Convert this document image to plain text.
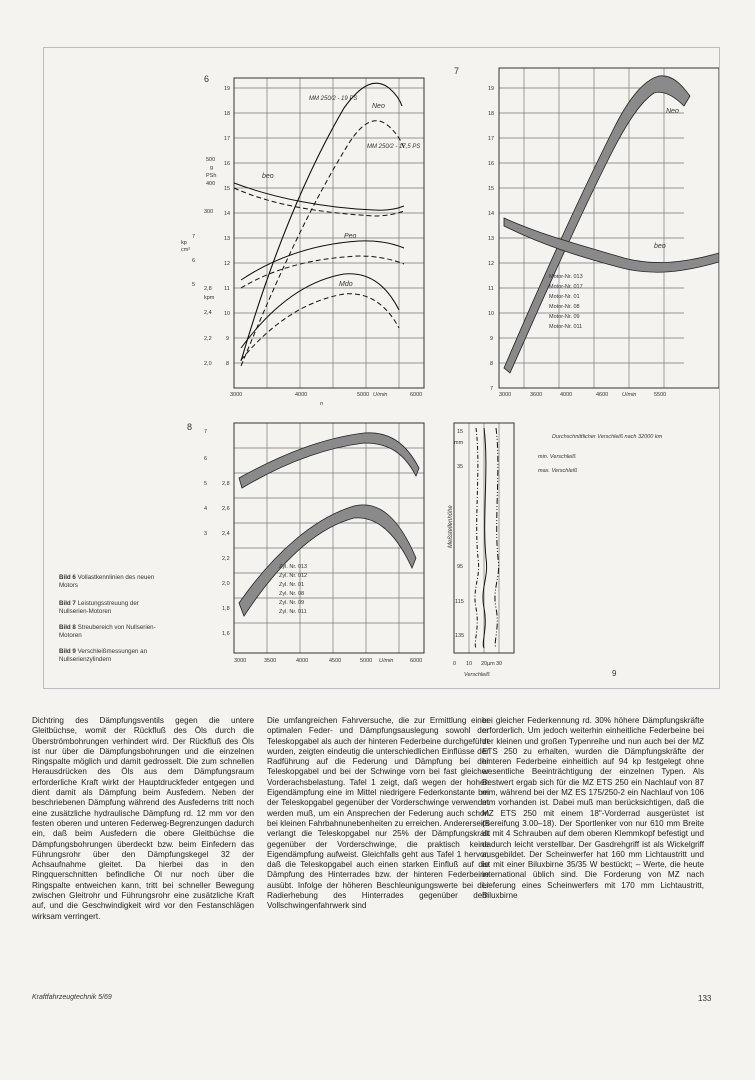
6
MM 250/2 - 19 PS
MM 250/2 - 17,5 PS
Neo
beo
Peo
Mdo
8
9
10
11
12
13
14
15
16
17
18
19
500
g
PSh
400
300
7
kp
cm²
6
5
2,8
kpm
2,4
2,2
2,0
3000	4000	5000	6000
U/min
n
7
Neo
beo
Motor-Nr. 013
Motor-Nr. 017
Motor-Nr. 01
Motor-Nr. 08
Motor-Nr. 09
Motor-Nr. 011
7
8
9
10
11
12
13
14
15
16
17
18
19
3000	3600	4000	4600	5500
U/min
8
Zyl. Nr. 013
Zyl. Nr. 012
Zyl. Nr. 01
Zyl. Nr. 08
Zyl. Nr. 09
Zyl. Nr. 011
7
6
5
4
3
2,8
2,6
2,4
2,2
2,0
1,8
1,6
3000	3500	4000	4500	5000	6000
U/min
Durchschnittlicher Verschleiß nach 32000 km
min. Verschleiß
max. Verschleiß
15
mm
35
95
115
135
Meßstellenhöhe
0 10 20 30
µm
Verschleiß	9
Bild 6 Vollastkennlinien des neuen Motors
Bild 7 Leistungsstreuung der Nullserien-Motoren
Bild 8 Streubereich von Nullserien-Motoren
Bild 9 Verschleißmessungen an Nullserienzylindern
Dichtring des Dämpfungsventils gegen die untere Gleitbüchse, womit der Rückfluß des Öls durch die Überströmbohrungen verhindert wird. Der Rückfluß des Öls ist nur über die Dämpfungsbohrungen und die einzelnen Ringspalte möglich und damit gedrosselt. Die zum schnellen Herausdrücken des Öls aus dem Dämpfungsraum erforderliche Kraft wirkt der Hauptdruckfeder entgegen und dient damit als Dämpfung beim Ausfedern. Neben der beschriebenen Dämpfung während des Ausfederns tritt noch eine zusätzliche hydraulische Dämpfung rd. 12 mm vor den festen oberen und unteren Federweg-Begrenzungen dadurch ein, daß beim Ausfedern die obere Gleitbüchse die Dämpfungsbohrungen überdeckt bzw. beim Einfedern das Führungsrohr über den Dämpfungskegel 32 der Achsaufnahme gleitet. Da hierbei das in den Ringquerschnitten befindliche Öl nur noch über die Ringspalte entweichen kann, tritt bei schneller Bewegung zwischen Gleitrohr und Führungsrohr eine zusätzliche Kraft auf, und die Geschwindigkeit wird vor den Festanschlägen wirksam verringert.
Die umfangreichen Fahrversuche, die zur Ermittlung einer optimalen Feder- und Dämpfungsauslegung sowohl der Teleskopgabel als auch der hinteren Federbeine durchgeführt wurden, zeigten eindeutig die unterschiedlichen Einflüsse der Radführung auf die Federung und Dämpfung bei der Teleskopgabel und bei der Schwinge vorn bei fast gleicher Vorderachsbelastung. Tafel 1 zeigt, daß wegen der hohen Eigendämpfung eine im Mittel niedrigere Federkonstante bei der Teleskopgabel gegenüber der Vorderschwinge verwendet werden muß, um ein Ansprechen der Federung auch schon bei kleinen Fahrbahnunebenheiten zu erreichen. Andererseits verlangt die Teleskopgabel nur 25% der Dämpfungskraft gegenüber der Vorderschwinge, die praktisch keine Eigendämpfung aufweist. Gleichfalls geht aus Tafel 1 hervor, daß die Teleskopgabel auch einen starken Einfluß auf die Dämpfung des Hinterrades bzw. der hinteren Federbeine ausübt. Infolge der höheren Beschleunigungswerte bei der Radierhebung des Hinterrades gegenüber dem Vollschwingenfahrwerk sind
bei gleicher Federkennung rd. 30% höhere Dämpfungskräfte erforderlich. Um jedoch weiterhin einheitliche Federbeine bei der kleinen und großen Typenreihe und nun auch bei der MZ ETS 250 zu erhalten, wurden die Dämpfungskräfte der hinteren Federbeine einheitlich auf 94 kp festgelegt ohne wesentliche Beeinträchtigung der einzelnen Typen. Als Bestwert ergab sich für die MZ ETS 250 ein Nachlauf von 87 mm, während bei der MZ ES 175/250-2 ein Nachlauf von 106 mm vorhanden ist. Dabei muß man berücksichtigen, daß die MZ ETS 250 mit einem 18"-Vorderrad ausgerüstet ist (Bereifung 3.00–18). Der Sportlenker von nur 610 mm Breite ist mit 4 Schrauben auf dem oberen Klemmkopf befestigt und dadurch leicht verstellbar. Der Gasdrehgriff ist als Wickelgriff ausgebildet. Der Scheinwerfer hat 160 mm Lichtaustritt und ist mit einer Biluxbirne 35/35 W bestückt; – Werte, die heute international üblich sind. Die Forderung von MZ nach Lieferung eines Scheinwerfers mit 170 mm Lichtaustritt, Biluxbirne
Kraftfahrzeugtechnik 5/69	133
